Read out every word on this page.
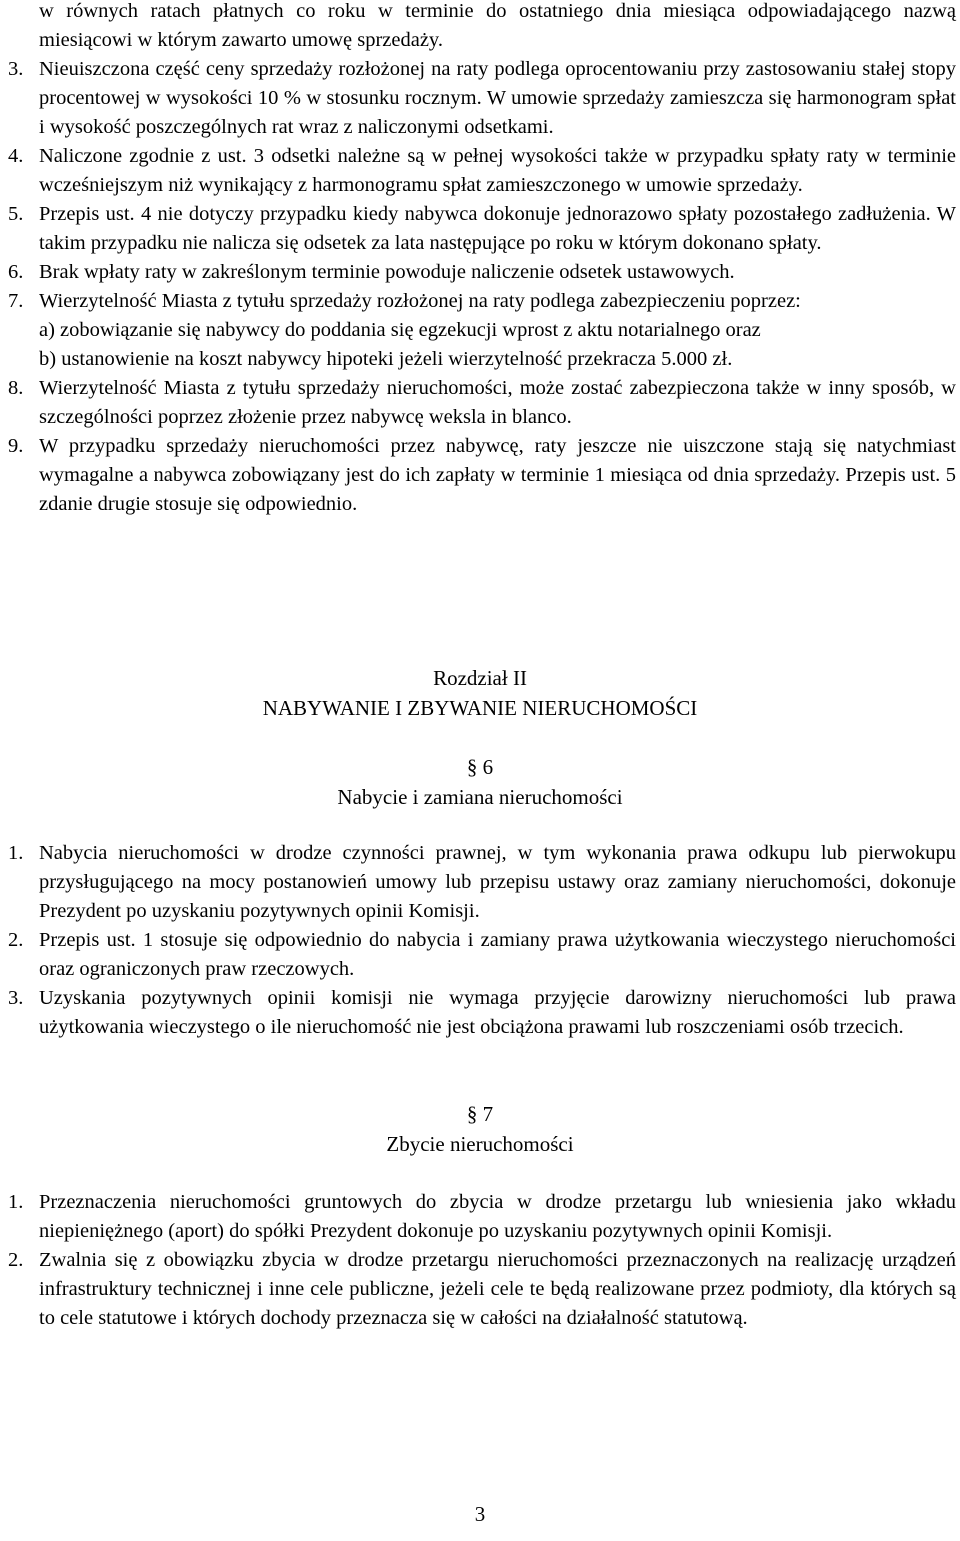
w równych ratach płatnych co roku w terminie do ostatniego dnia miesiąca odpowiadającego nazwą miesiącowi w którym zawarto umowę sprzedaży.
3. Nieuiszczona część ceny sprzedaży rozłożonej na raty podlega oprocentowaniu przy zastosowaniu stałej stopy procentowej w wysokości 10 % w stosunku rocznym. W umowie sprzedaży zamieszcza się harmonogram spłat i wysokość poszczególnych rat wraz z naliczonymi odsetkami.
4. Naliczone zgodnie z ust. 3 odsetki należne są w pełnej wysokości także w przypadku spłaty raty w terminie wcześniejszym niż wynikający z harmonogramu spłat zamieszczonego w umowie sprzedaży.
5. Przepis ust. 4 nie dotyczy przypadku kiedy nabywca dokonuje jednorazowo spłaty pozostałego zadłużenia. W takim przypadku nie nalicza się odsetek za lata następujące po roku w którym dokonano spłaty.
6. Brak wpłaty raty w zakreślonym terminie powoduje naliczenie odsetek ustawowych.
7. Wierzytelność Miasta z tytułu sprzedaży rozłożonej na raty podlega zabezpieczeniu poprzez:
a) zobowiązanie się nabywcy do poddania się egzekucji wprost z aktu notarialnego oraz
b) ustanowienie na koszt nabywcy hipoteki jeżeli wierzytelność przekracza 5.000 zł.
8. Wierzytelność Miasta z tytułu sprzedaży nieruchomości, może zostać zabezpieczona także w inny sposób, w szczególności poprzez złożenie przez nabywcę weksla in blanco.
9. W przypadku sprzedaży nieruchomości przez nabywcę, raty jeszcze nie uiszczone stają się natychmiast wymagalne a nabywca zobowiązany jest do ich zapłaty w terminie 1 miesiąca od dnia sprzedaży. Przepis ust. 5 zdanie drugie stosuje się odpowiednio.
Rozdział II
NABYWANIE I ZBYWANIE NIERUCHOMOŚCI
§ 6
Nabycie i zamiana nieruchomości
1. Nabycia nieruchomości w drodze czynności prawnej, w tym wykonania prawa odkupu lub pierwokupu przysługującego na mocy postanowień umowy lub przepisu ustawy oraz zamiany nieruchomości, dokonuje Prezydent po uzyskaniu pozytywnych opinii Komisji.
2. Przepis ust. 1 stosuje się odpowiednio do nabycia i zamiany prawa użytkowania wieczystego nieruchomości oraz ograniczonych praw rzeczowych.
3. Uzyskania pozytywnych opinii komisji nie wymaga przyjęcie darowizny nieruchomości lub prawa użytkowania wieczystego o ile nieruchomość nie jest obciążona prawami lub roszczeniami osób trzecich.
§ 7
Zbycie nieruchomości
1. Przeznaczenia nieruchomości gruntowych do zbycia w drodze przetargu lub wniesienia jako wkładu niepieniężnego (aport) do spółki Prezydent dokonuje po uzyskaniu pozytywnych opinii Komisji.
2. Zwalnia się z obowiązku zbycia w drodze przetargu nieruchomości przeznaczonych na realizację urządzeń infrastruktury technicznej i inne cele publiczne, jeżeli cele te będą realizowane przez podmioty, dla których są to cele statutowe i których dochody przeznacza się w całości na działalność statutową.
3
